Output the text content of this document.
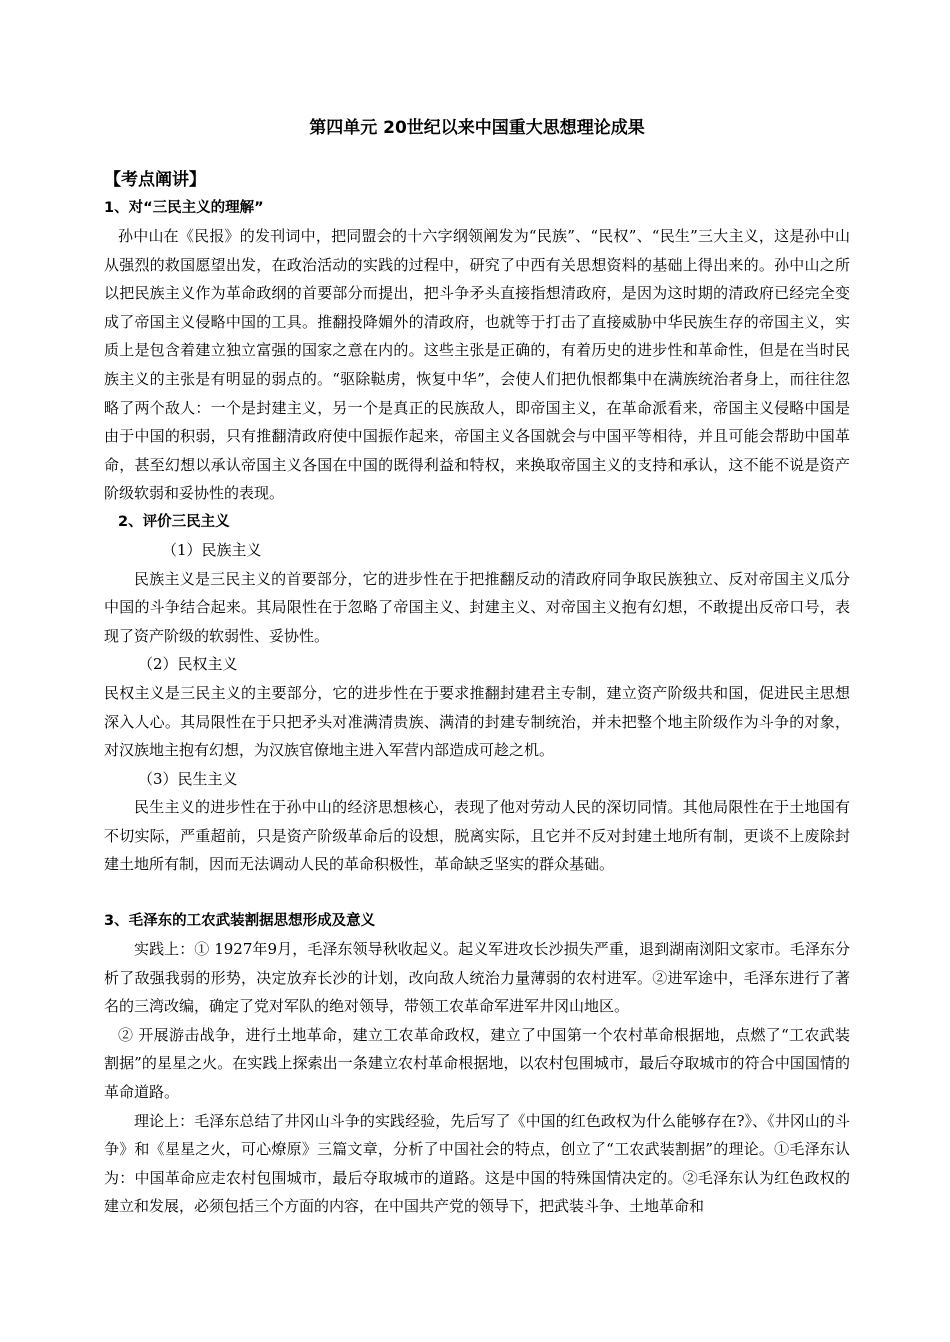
第四单元 20世纪以来中国重大思想理论成果
【考点阐讲】
1、对“三民主义的理解”

孙中山在《民报》的发刊词中，把同盟会的十六字纲领阐发为“民族”、“民权”、“民生”三大主义，这是孙中山从强烈的救国愿望出发，在政治活动的实践的过程中，研究了中西有关思想资料的基础上得出来的。孙中山之所以把民族主义作为革命政纲的首要部分而提出，把斗争矛头直接指想清政府，是因为这时期的清政府已经完全变成了帝国主义侵略中国的工具。推翻投降媚外的清政府，也就等于打击了直接威胁中华民族生存的帝国主义，实质上是包含着建立独立富强的国家之意在内的。这些主张是正确的，有着历史的进步性和革命性，但是在当时民族主义的主张是有明显的弱点的。“驱除鞑虏，恢复中华”，会使人们把仇恨都集中在满族统治者身上，而往往忽略了两个敌人：一个是封建主义，另一个是真正的民族敌人，即帝国主义，在革命派看来，帝国主义侵略中国是由于中国的积弱，只有推翻清政府使中国振作起来，帝国主义各国就会与中国平等相待，并且可能会帮助中国革命，甚至幻想以承认帝国主义各国在中国的既得利益和特权，来换取帝国主义的支持和承认，这不能不说是资产阶级软弱和妥协性的表现。

2、评价三民主义
（1）民族主义

民族主义是三民主义的首要部分，它的进步性在于把推翻反动的清政府同争取民族独立、反对帝国主义瓜分中国的斗争结合起来。其局限性在于忽略了帝国主义、封建主义、对帝国主义抱有幻想，不敢提出反帝口号，表现了资产阶级的软弱性、妥协性。

（2）民权主义

民权主义是三民主义的主要部分，它的进步性在于要求推翻封建君主专制，建立资产阶级共和国，促进民主思想深入人心。其局限性在于只把矛头对准满清贵族、满清的封建专制统治，并未把整个地主阶级作为斗争的对象，对汉族地主抱有幻想，为汉族官僚地主进入军营内部造成可趁之机。

（3）民生主义

民生主义的进步性在于孙中山的经济思想核心，表现了他对劳动人民的深切同情。其他局限性在于土地国有不切实际，严重超前，只是资产阶级革命后的设想，脱离实际，且它并不反对封建土地所有制，更谈不上废除封建土地所有制，因而无法调动人民的革命积极性，革命缺乏坚实的群众基础。

3、毛泽东的工农武装割据思想形成及意义

实践上：① 1927年9月，毛泽东领导秋收起义。起义军进攻长沙损失严重，退到湖南浏阳文家市。毛泽东分析了敌强我弱的形势，决定放弃长沙的计划，改向敌人统治力量薄弱的农村进军。②进军途中，毛泽东进行了著名的三湾改编，确定了党对军队的绝对领导，带领工农革命军进军井冈山地区。

② 开展游击战争，进行土地革命，建立工农革命政权，建立了中国第一个农村革命根据地，点燃了“工农武装割据”的星星之火。在实践上探索出一条建立农村革命根据地，以农村包围城市，最后夺取城市的符合中国国情的革命道路。

理论上：毛泽东总结了井冈山斗争的实践经验，先后写了《中国的红色政权为什么能够存在?》、《井冈山的斗争》和《星星之火，可心燎原》三篇文章，分析了中国社会的特点，创立了“工农武装割据”的理论。①毛泽东认为：中国革命应走农村包围城市，最后夺取城市的道路。这是中国的特殊国情决定的。②毛泽东认为红色政权的建立和发展，必须包括三个方面的内容，在中国共产党的领导下，把武装斗争、土地革命和
